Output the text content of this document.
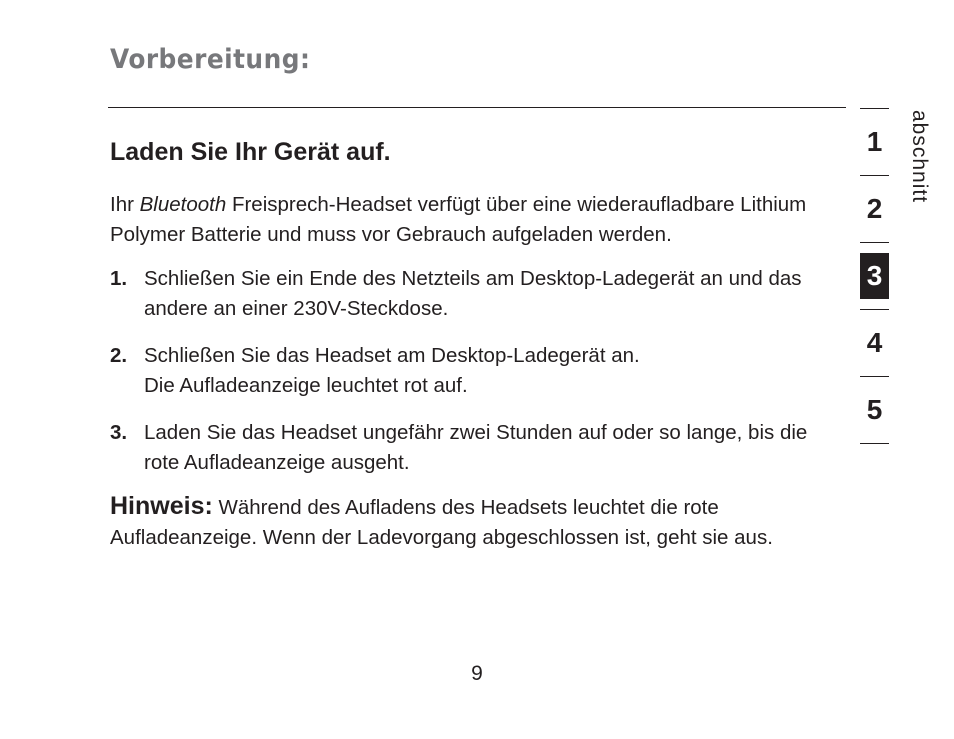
Vorbereitung:
Laden Sie Ihr Gerät auf.

Ihr Bluetooth Freisprech-Headset verfügt über eine wiederaufladbare Lithium Polymer Batterie und muss vor Gebrauch aufgeladen werden.

1. Schließen Sie ein Ende des Netzteils am Desktop-Ladegerät an und das andere an einer 230V-Steckdose.
2. Schließen Sie das Headset am Desktop-Ladegerät an.
Die Aufladeanzeige leuchtet rot auf.
3. Laden Sie das Headset ungefähr zwei Stunden auf oder so lange, bis die rote Aufladeanzeige ausgeht.

Hinweis: Während des Aufladens des Headsets leuchtet die rote Aufladeanzeige. Wenn der Ladevorgang abgeschlossen ist, geht sie aus.

1
2
3
4
5
abschnitt
9
